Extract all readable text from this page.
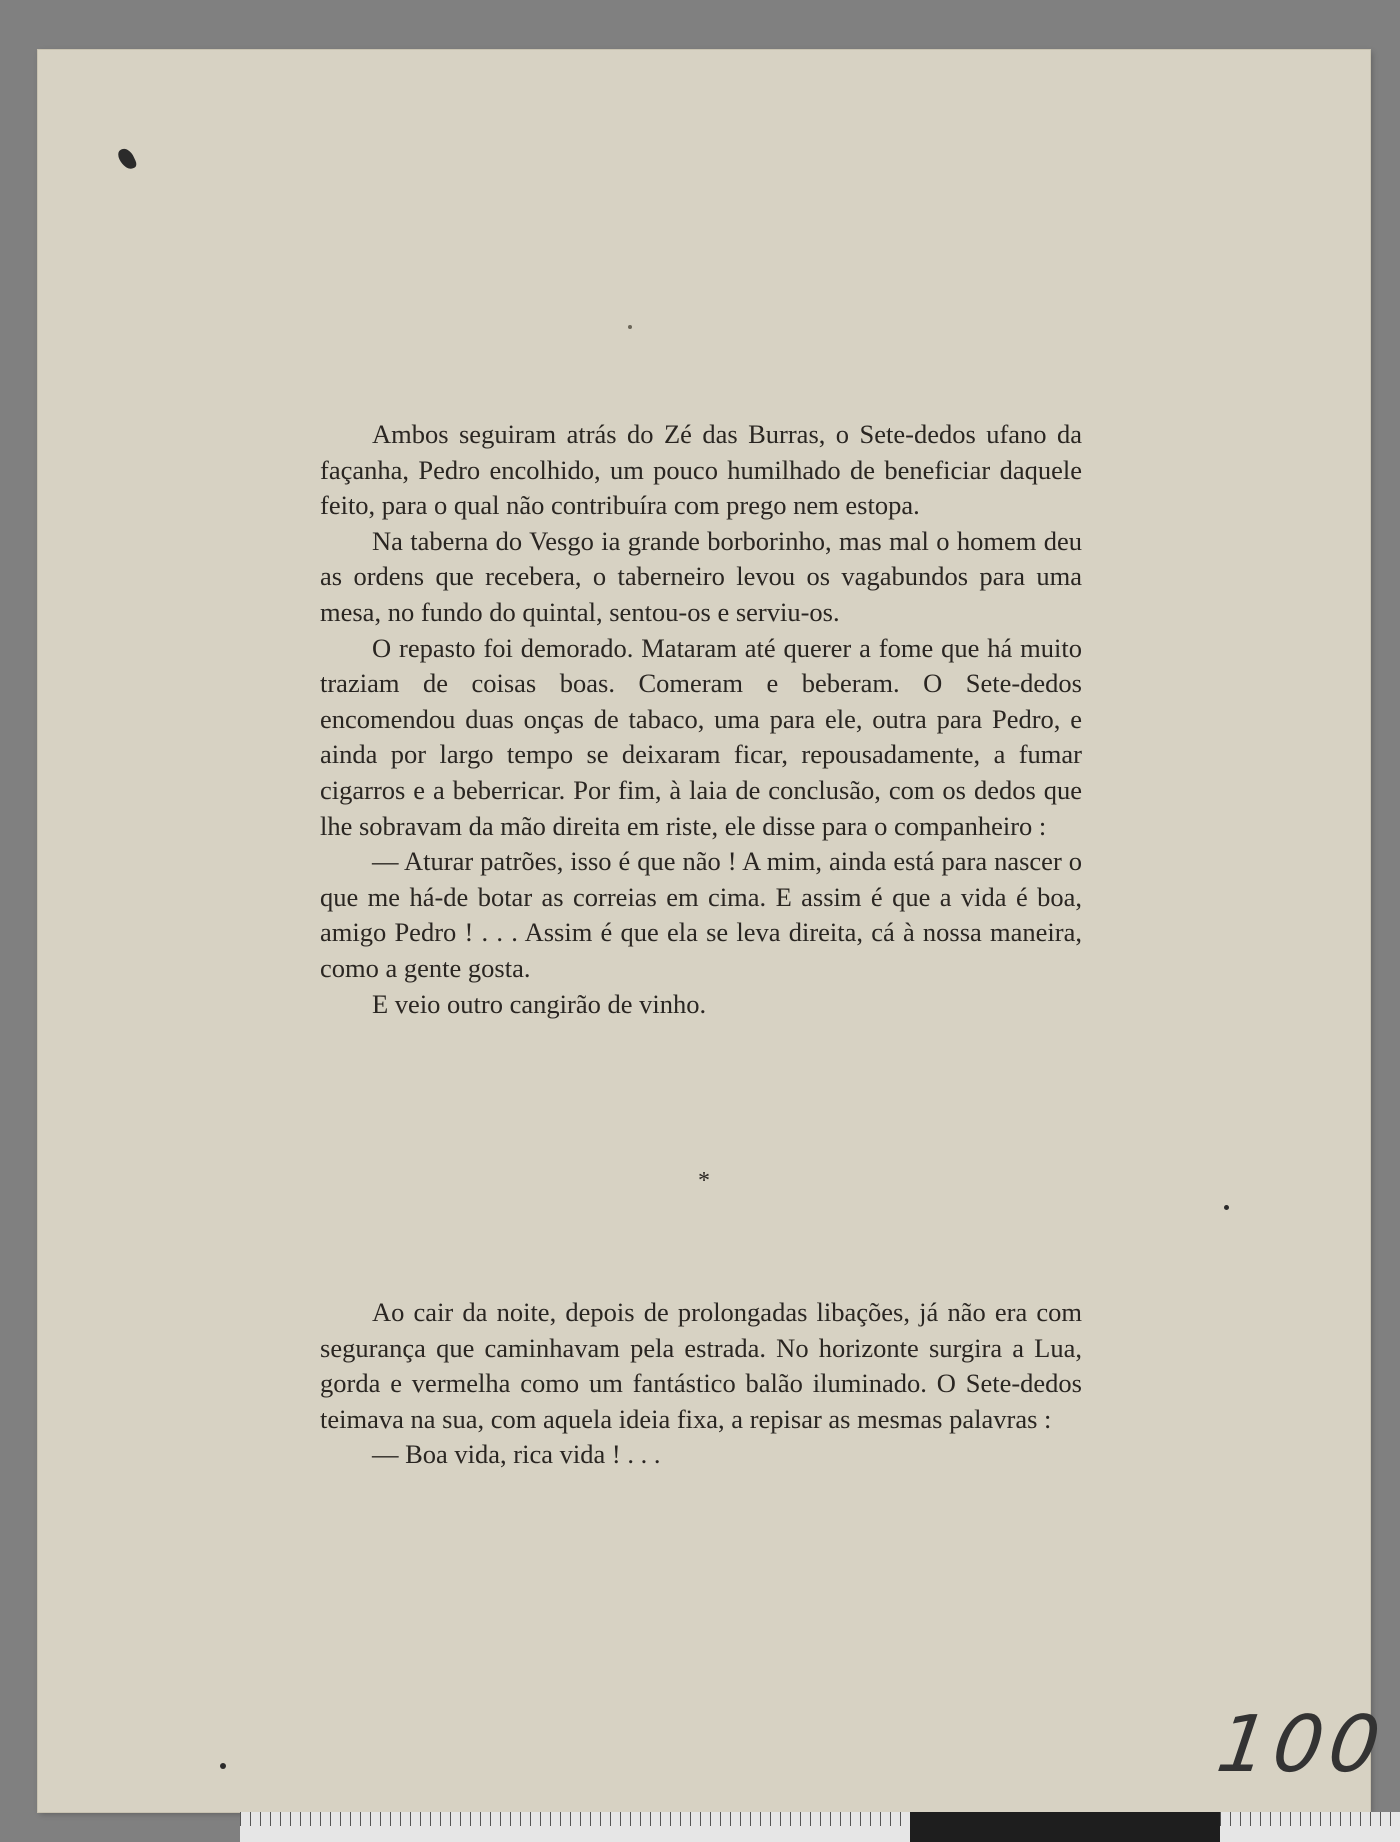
Ambos seguiram atrás do Zé das Burras, o Sete-dedos ufano da façanha, Pedro encolhido, um pouco humilhado de beneficiar daquele feito, para o qual não contribuíra com prego nem estopa.

Na taberna do Vesgo ia grande borborinho, mas mal o homem deu as ordens que recebera, o taberneiro levou os vagabundos para uma mesa, no fundo do quintal, sentou-os e serviu-os.

O repasto foi demorado. Mataram até querer a fome que há muito traziam de coisas boas. Comeram e beberam. O Sete-dedos encomendou duas onças de tabaco, uma para ele, outra para Pedro, e ainda por largo tempo se deixaram ficar, repousadamente, a fumar cigarros e a beberricar. Por fim, à laia de conclusão, com os dedos que lhe sobravam da mão direita em riste, ele disse para o companheiro :

— Aturar patrões, isso é que não ! A mim, ainda está para nascer o que me há-de botar as correias em cima. E assim é que a vida é boa, amigo Pedro ! . . . Assim é que ela se leva direita, cá à nossa maneira, como a gente gosta.

E veio outro cangirão de vinho.

*

Ao cair da noite, depois de prolongadas libações, já não era com segurança que caminhavam pela estrada. No horizonte surgira a Lua, gorda e vermelha como um fantástico balão iluminado. O Sete-dedos teimava na sua, com aquela ideia fixa, a repisar as mesmas palavras :

— Boa vida, rica vida ! . . .

100
